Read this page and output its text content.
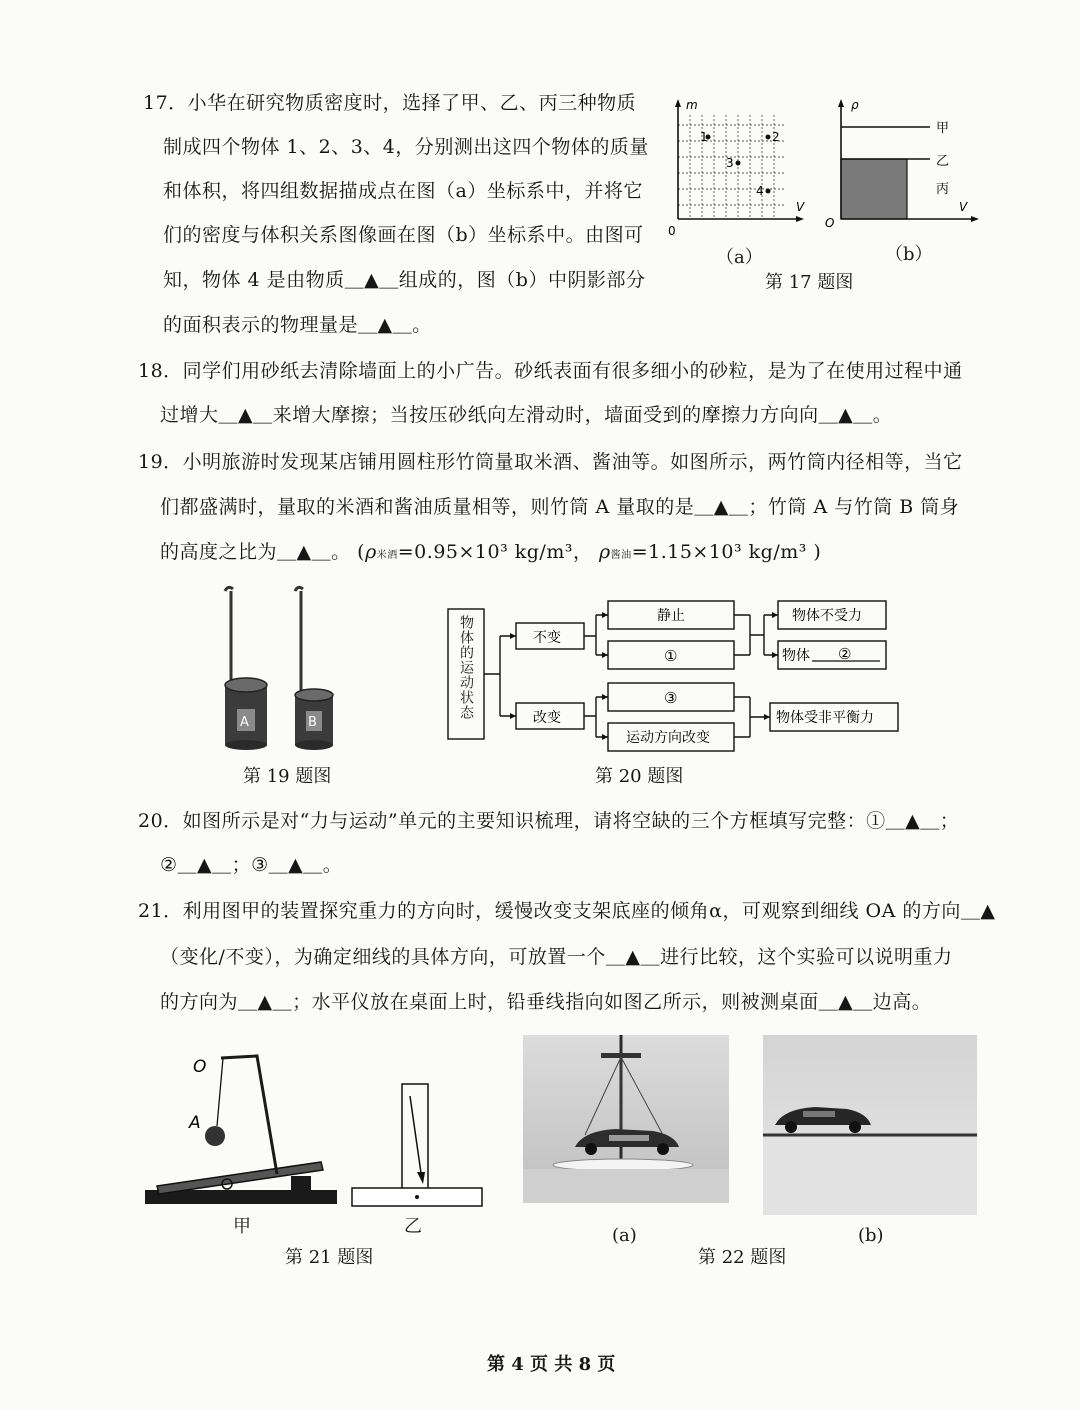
17．小华在研究物质密度时，选择了甲、乙、丙三种物质
制成四个物体 1、2、3、4，分别测出这四个物体的质量
和体积，将四组数据描成点在图（a）坐标系中，并将它
们的密度与体积关系图像画在图（b）坐标系中。由图可
知，物体 4 是由物质＿▲＿组成的，图（b）中阴影部分
的面积表示的物理量是＿▲＿。
m
V
0
1	2
3
4
（a）
ρ
V
O
甲
乙
丙
（b）
第 17 题图
18．同学们用砂纸去清除墙面上的小广告。砂纸表面有很多细小的砂粒，是为了在使用过程中通
过增大＿▲＿来增大摩擦；当按压砂纸向左滑动时，墙面受到的摩擦力方向向＿▲＿。
19．小明旅游时发现某店铺用圆柱形竹筒量取米酒、酱油等。如图所示，两竹筒内径相等，当它
们都盛满时，量取的米酒和酱油质量相等，则竹筒 A 量取的是＿▲＿；竹筒 A 与竹筒 B 筒身
的高度之比为＿▲＿。 (ρ米酒=0.95×10³ kg/m³， ρ酱油=1.15×10³ kg/m³ )
A	B
第 19 题图
物体的运动状态	不变
改变
静止
①
③
运动方向改变
物体不受力
物体 ②
物体受非平衡力
第 20 题图
20．如图所示是对“力与运动”单元的主要知识梳理，请将空缺的三个方框填写完整：①＿▲＿；
②＿▲＿；③＿▲＿。
21．利用图甲的装置探究重力的方向时，缓慢改变支架底座的倾角α，可观察到细线 OA 的方向＿▲
（变化/不变），为确定细线的具体方向，可放置一个＿▲＿进行比较，这个实验可以说明重力
的方向为＿▲＿；水平仪放在桌面上时，铅垂线指向如图乙所示，则被测桌面＿▲＿边高。
O
A
甲	乙
第 21 题图
(a)	(b)
第 22 题图
第 4 页 共 8 页
